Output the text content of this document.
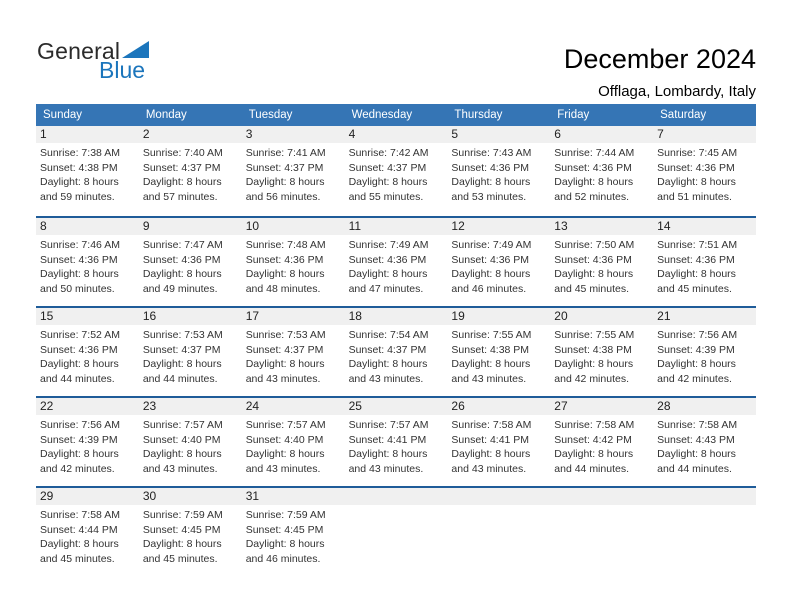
General
Blue	December 2024
Offlaga, Lombardy, Italy
Sunday	Monday	Tuesday	Wednesday	Thursday	Friday	Saturday
1	2	3	4	5	6	7
Sunrise: 7:38 AM
Sunset: 4:38 PM
Daylight: 8 hours
and 59 minutes.
Sunrise: 7:40 AM
Sunset: 4:37 PM
Daylight: 8 hours
and 57 minutes.
Sunrise: 7:41 AM
Sunset: 4:37 PM
Daylight: 8 hours
and 56 minutes.
Sunrise: 7:42 AM
Sunset: 4:37 PM
Daylight: 8 hours
and 55 minutes.
Sunrise: 7:43 AM
Sunset: 4:36 PM
Daylight: 8 hours
and 53 minutes.
Sunrise: 7:44 AM
Sunset: 4:36 PM
Daylight: 8 hours
and 52 minutes.
Sunrise: 7:45 AM
Sunset: 4:36 PM
Daylight: 8 hours
and 51 minutes.
8	9	10	11	12	13	14
Sunrise: 7:46 AM
Sunset: 4:36 PM
Daylight: 8 hours
and 50 minutes.
Sunrise: 7:47 AM
Sunset: 4:36 PM
Daylight: 8 hours
and 49 minutes.
Sunrise: 7:48 AM
Sunset: 4:36 PM
Daylight: 8 hours
and 48 minutes.
Sunrise: 7:49 AM
Sunset: 4:36 PM
Daylight: 8 hours
and 47 minutes.
Sunrise: 7:49 AM
Sunset: 4:36 PM
Daylight: 8 hours
and 46 minutes.
Sunrise: 7:50 AM
Sunset: 4:36 PM
Daylight: 8 hours
and 45 minutes.
Sunrise: 7:51 AM
Sunset: 4:36 PM
Daylight: 8 hours
and 45 minutes.
15	16	17	18	19	20	21
Sunrise: 7:52 AM
Sunset: 4:36 PM
Daylight: 8 hours
and 44 minutes.
Sunrise: 7:53 AM
Sunset: 4:37 PM
Daylight: 8 hours
and 44 minutes.
Sunrise: 7:53 AM
Sunset: 4:37 PM
Daylight: 8 hours
and 43 minutes.
Sunrise: 7:54 AM
Sunset: 4:37 PM
Daylight: 8 hours
and 43 minutes.
Sunrise: 7:55 AM
Sunset: 4:38 PM
Daylight: 8 hours
and 43 minutes.
Sunrise: 7:55 AM
Sunset: 4:38 PM
Daylight: 8 hours
and 42 minutes.
Sunrise: 7:56 AM
Sunset: 4:39 PM
Daylight: 8 hours
and 42 minutes.
22	23	24	25	26	27	28
Sunrise: 7:56 AM
Sunset: 4:39 PM
Daylight: 8 hours
and 42 minutes.
Sunrise: 7:57 AM
Sunset: 4:40 PM
Daylight: 8 hours
and 43 minutes.
Sunrise: 7:57 AM
Sunset: 4:40 PM
Daylight: 8 hours
and 43 minutes.
Sunrise: 7:57 AM
Sunset: 4:41 PM
Daylight: 8 hours
and 43 minutes.
Sunrise: 7:58 AM
Sunset: 4:41 PM
Daylight: 8 hours
and 43 minutes.
Sunrise: 7:58 AM
Sunset: 4:42 PM
Daylight: 8 hours
and 44 minutes.
Sunrise: 7:58 AM
Sunset: 4:43 PM
Daylight: 8 hours
and 44 minutes.
29	30	31
Sunrise: 7:58 AM
Sunset: 4:44 PM
Daylight: 8 hours
and 45 minutes.
Sunrise: 7:59 AM
Sunset: 4:45 PM
Daylight: 8 hours
and 45 minutes.
Sunrise: 7:59 AM
Sunset: 4:45 PM
Daylight: 8 hours
and 46 minutes.
